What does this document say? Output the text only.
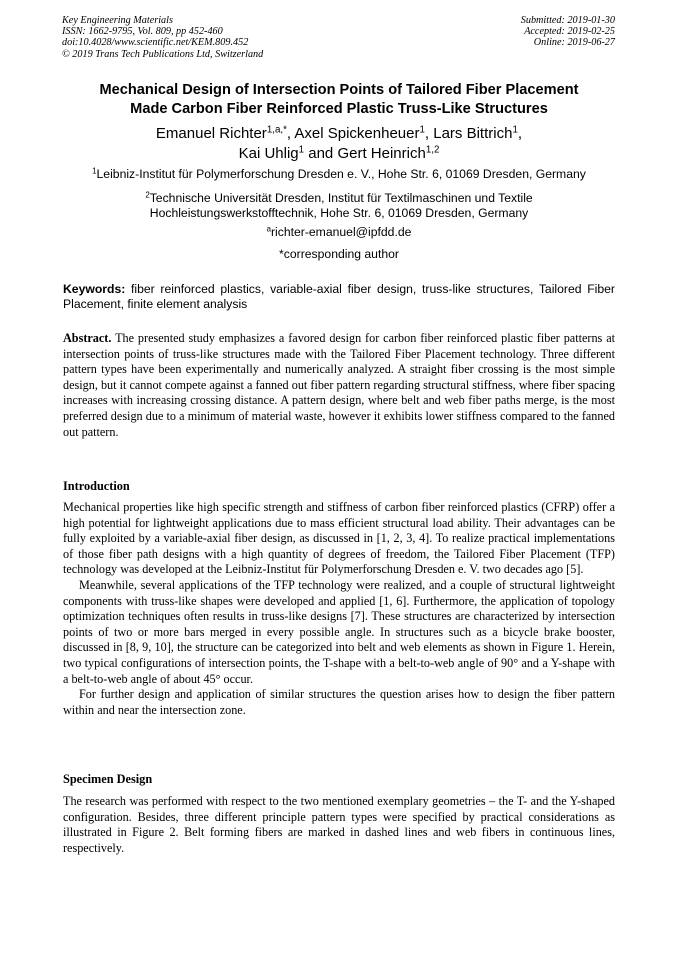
Key Engineering Materials
ISSN: 1662-9795, Vol. 809, pp 452-460
doi:10.4028/www.scientific.net/KEM.809.452
© 2019 Trans Tech Publications Ltd, Switzerland
Submitted: 2019-01-30
Accepted: 2019-02-25
Online: 2019-06-27
Mechanical Design of Intersection Points of Tailored Fiber Placement
Made Carbon Fiber Reinforced Plastic Truss-Like Structures
Emanuel Richter$^{1,a,*}$, Axel Spickenheuer$^1$, Lars Bittrich$^1$,
Kai Uhlig$^1$ and Gert Heinrich$^{1,2}$
$^1$Leibniz-Institut für Polymerforschung Dresden e. V., Hohe Str. 6, 01069 Dresden, Germany
$^2$Technische Universität Dresden, Institut für Textilmaschinen und Textile
Hochleistungswerkstofftechnik, Hohe Str. 6, 01069 Dresden, Germany
$^a$richter-emanuel@ipfdd.de
*corresponding author
Keywords: fiber reinforced plastics, variable-axial fiber design, truss-like structures, Tailored Fiber Placement, finite element analysis

Abstract. The presented study emphasizes a favored design for carbon fiber reinforced plastic fiber patterns at intersection points of truss-like structures made with the Tailored Fiber Placement technology. Three different pattern types have been experimentally and numerically analyzed. A straight fiber crossing is the most simple design, but it cannot compete against a fanned out fiber pattern regarding structural stiffness, where fiber spacing increases with increasing crossing distance. A pattern design, where belt and web fiber paths merge, is the most preferred design due to a minimum of material waste, however it exhibits lower stiffness compared to the fanned out pattern.

Introduction

Mechanical properties like high specific strength and stiffness of carbon fiber reinforced plastics (CFRP) offer a high potential for lightweight applications due to mass efficient structural load ability. Their advantages can be fully exploited by a variable-axial fiber design, as discussed in [1, 2, 3, 4]. To realize practical implementations of those fiber path designs with a high quantity of degrees of freedom, the Tailored Fiber Placement (TFP) technology was developed at the Leibniz-Institut für Polymerforschung Dresden e. V. two decades ago [5].

Meanwhile, several applications of the TFP technology were realized, and a couple of structural lightweight components with truss-like shapes were developed and applied [1, 6]. Furthermore, the application of topology optimization techniques often results in truss-like designs [7]. These structures are characterized by intersection points of two or more bars merged in every possible angle. In structures such as a bicycle brake booster, discussed in [8, 9, 10], the structure can be categorized into belt and web elements as shown in Figure 1. Herein, two typical configurations of intersection points, the T-shape with a belt-to-web angle of 90° and a Y-shape with a belt-to-web angle of about 45° occur.

For further design and application of similar structures the question arises how to design the fiber pattern within and near the intersection zone.

Specimen Design

The research was performed with respect to the two mentioned exemplary geometries – the T- and the Y-shaped configuration. Besides, three different principle pattern types were specified by practical considerations as illustrated in Figure 2. Belt forming fibers are marked in dashed lines and web fibers in continuous lines, respectively.
